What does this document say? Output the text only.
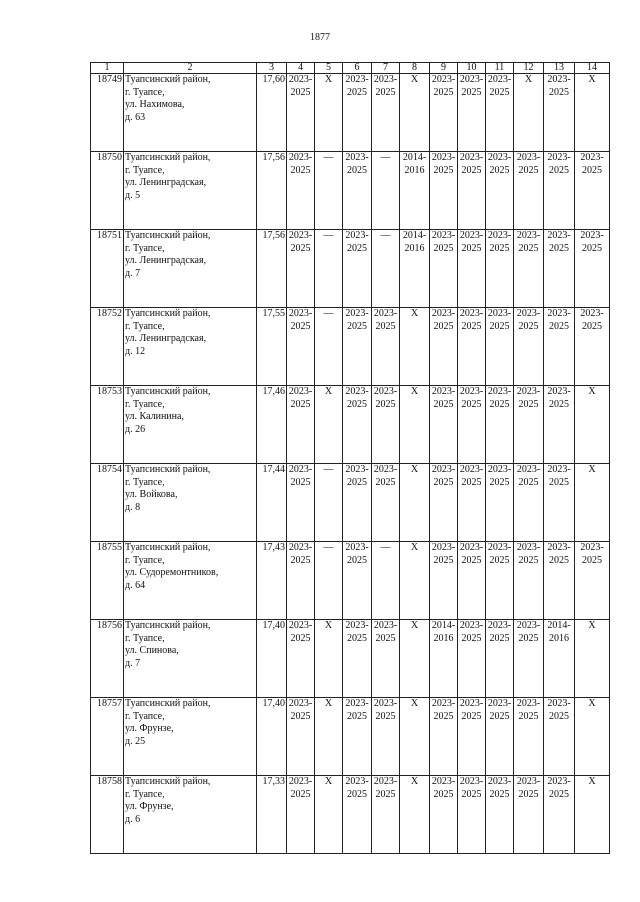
1877
1	2	3	4	5	6	7	8	9	10	11	12	13	14
18749	Туапсинский район,
г. Туапсе,
ул. Нахимова,
д. 63	17,60	2023-
2025	X	2023-
2025	2023-
2025	X	2023-
2025	2023-
2025	2023-
2025	X	2023-
2025	X
18750	Туапсинский район,
г. Туапсе,
ул. Ленинградская,
д. 5	17,56	2023-
2025	—	2023-
2025	—	2014-
2016	2023-
2025	2023-
2025	2023-
2025	2023-
2025	2023-
2025	2023-
2025
18751	Туапсинский район,
г. Туапсе,
ул. Ленинградская,
д. 7	17,56	2023-
2025	—	2023-
2025	—	2014-
2016	2023-
2025	2023-
2025	2023-
2025	2023-
2025	2023-
2025	2023-
2025
18752	Туапсинский район,
г. Туапсе,
ул. Ленинградская,
д. 12	17,55	2023-
2025	—	2023-
2025	2023-
2025	X	2023-
2025	2023-
2025	2023-
2025	2023-
2025	2023-
2025	2023-
2025
18753	Туапсинский район,
г. Туапсе,
ул. Калинина,
д. 26	17,46	2023-
2025	X	2023-
2025	2023-
2025	X	2023-
2025	2023-
2025	2023-
2025	2023-
2025	2023-
2025	X
18754	Туапсинский район,
г. Туапсе,
ул. Войкова,
д. 8	17,44	2023-
2025	—	2023-
2025	2023-
2025	X	2023-
2025	2023-
2025	2023-
2025	2023-
2025	2023-
2025	X
18755	Туапсинский район,
г. Туапсе,
ул. Судоремонтников,
д. 64	17,43	2023-
2025	—	2023-
2025	—	X	2023-
2025	2023-
2025	2023-
2025	2023-
2025	2023-
2025	2023-
2025
18756	Туапсинский район,
г. Туапсе,
ул. Спинова,
д. 7	17,40	2023-
2025	X	2023-
2025	2023-
2025	X	2014-
2016	2023-
2025	2023-
2025	2023-
2025	2014-
2016	X
18757	Туапсинский район,
г. Туапсе,
ул. Фрунзе,
д. 25	17,40	2023-
2025	X	2023-
2025	2023-
2025	X	2023-
2025	2023-
2025	2023-
2025	2023-
2025	2023-
2025	X
18758	Туапсинский район,
г. Туапсе,
ул. Фрунзе,
д. 6	17,33	2023-
2025	X	2023-
2025	2023-
2025	X	2023-
2025	2023-
2025	2023-
2025	2023-
2025	2023-
2025	X
